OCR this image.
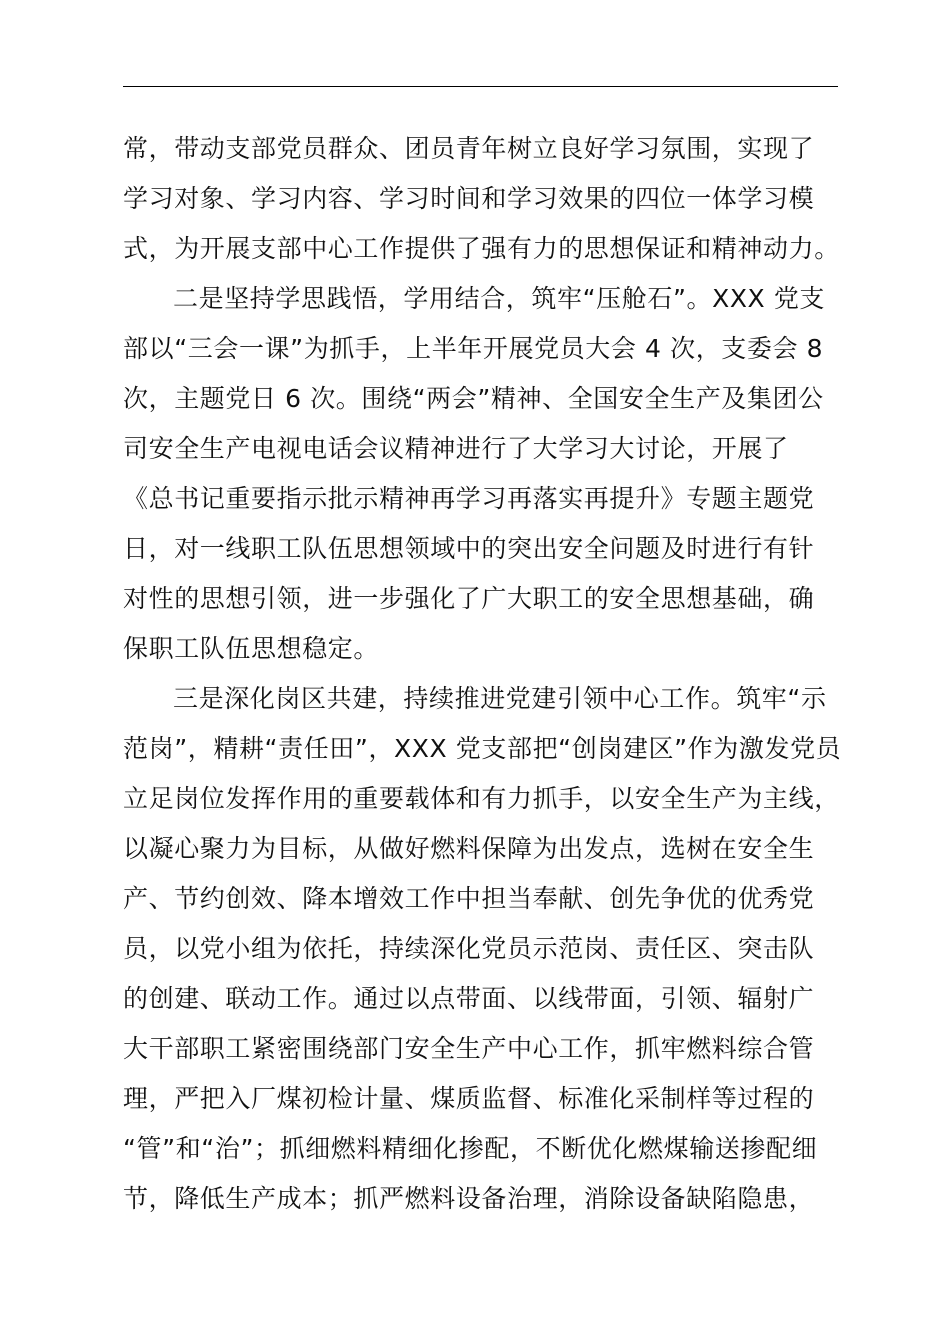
常，带动支部党员群众、团员青年树立良好学习氛围，实现了
学习对象、学习内容、学习时间和学习效果的四位一体学习模
式，为开展支部中心工作提供了强有力的思想保证和精神动力。
二是坚持学思践悟，学用结合，筑牢“压舱石”。XXX 党支
部以“三会一课”为抓手，上半年开展党员大会 4 次，支委会 8
次，主题党日 6 次。围绕“两会”精神、全国安全生产及集团公
司安全生产电视电话会议精神进行了大学习大讨论，开展了
《总书记重要指示批示精神再学习再落实再提升》专题主题党
日，对一线职工队伍思想领域中的突出安全问题及时进行有针
对性的思想引领，进一步强化了广大职工的安全思想基础，确
保职工队伍思想稳定。
三是深化岗区共建，持续推进党建引领中心工作。筑牢“示
范岗”，精耕“责任田”，XXX 党支部把“创岗建区”作为激发党员
立足岗位发挥作用的重要载体和有力抓手，以安全生产为主线，
以凝心聚力为目标，从做好燃料保障为出发点，选树在安全生
产、节约创效、降本增效工作中担当奉献、创先争优的优秀党
员，以党小组为依托，持续深化党员示范岗、责任区、突击队
的创建、联动工作。通过以点带面、以线带面，引领、辐射广
大干部职工紧密围绕部门安全生产中心工作，抓牢燃料综合管
理，严把入厂煤初检计量、煤质监督、标准化采制样等过程的
“管”和“治”；抓细燃料精细化掺配，不断优化燃煤输送掺配细
节，降低生产成本；抓严燃料设备治理，消除设备缺陷隐患，
